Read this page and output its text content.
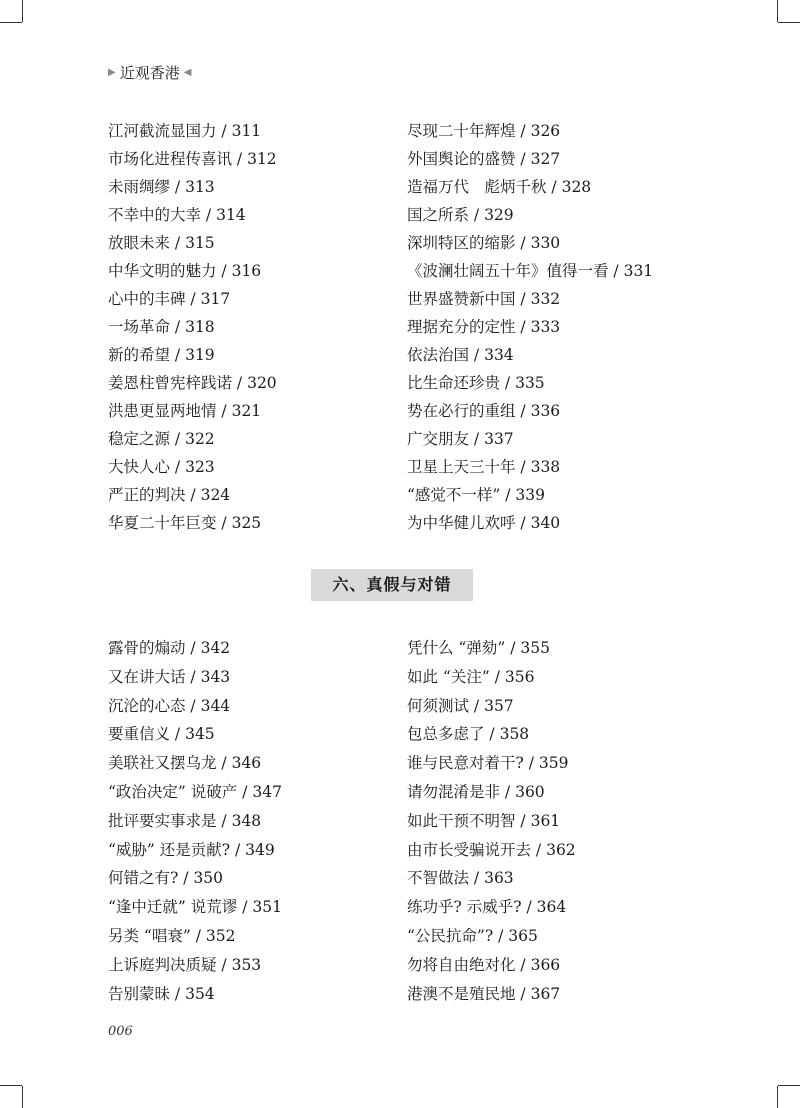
▶ 近观香港 ◀
江河截流显国力 / 311
市场化进程传喜讯 / 312
未雨绸缪 / 313
不幸中的大幸 / 314
放眼未来 / 315
中华文明的魅力 / 316
心中的丰碑 / 317
一场革命 / 318
新的希望 / 319
姜恩柱曾宪梓践诺 / 320
洪患更显两地情 / 321
稳定之源 / 322
大快人心 / 323
严正的判决 / 324
华夏二十年巨变 / 325
尽现二十年辉煌 / 326
外国舆论的盛赞 / 327
造福万代　彪炳千秋 / 328
国之所系 / 329
深圳特区的缩影 / 330
《波澜壮阔五十年》值得一看 / 331
世界盛赞新中国 / 332
理据充分的定性 / 333
依法治国 / 334
比生命还珍贵 / 335
势在必行的重组 / 336
广交朋友 / 337
卫星上天三十年 / 338
“感觉不一样” / 339
为中华健儿欢呼 / 340
六、真假与对错
露骨的煽动 / 342
又在讲大话 / 343
沉沦的心态 / 344
要重信义 / 345
美联社又摆乌龙 / 346
“政治决定” 说破产 / 347
批评要实事求是 / 348
“威胁” 还是贡献? / 349
何错之有? / 350
“逢中迁就” 说荒谬 / 351
另类 “唱衰” / 352
上诉庭判决质疑 / 353
告别蒙昧 / 354
凭什么 “弹劾” / 355
如此 “关注” / 356
何须测试 / 357
包总多虑了 / 358
谁与民意对着干? / 359
请勿混淆是非 / 360
如此干预不明智 / 361
由市长受骗说开去 / 362
不智做法 / 363
练功乎? 示威乎? / 364
“公民抗命”? / 365
勿将自由绝对化 / 366
港澳不是殖民地 / 367
006
